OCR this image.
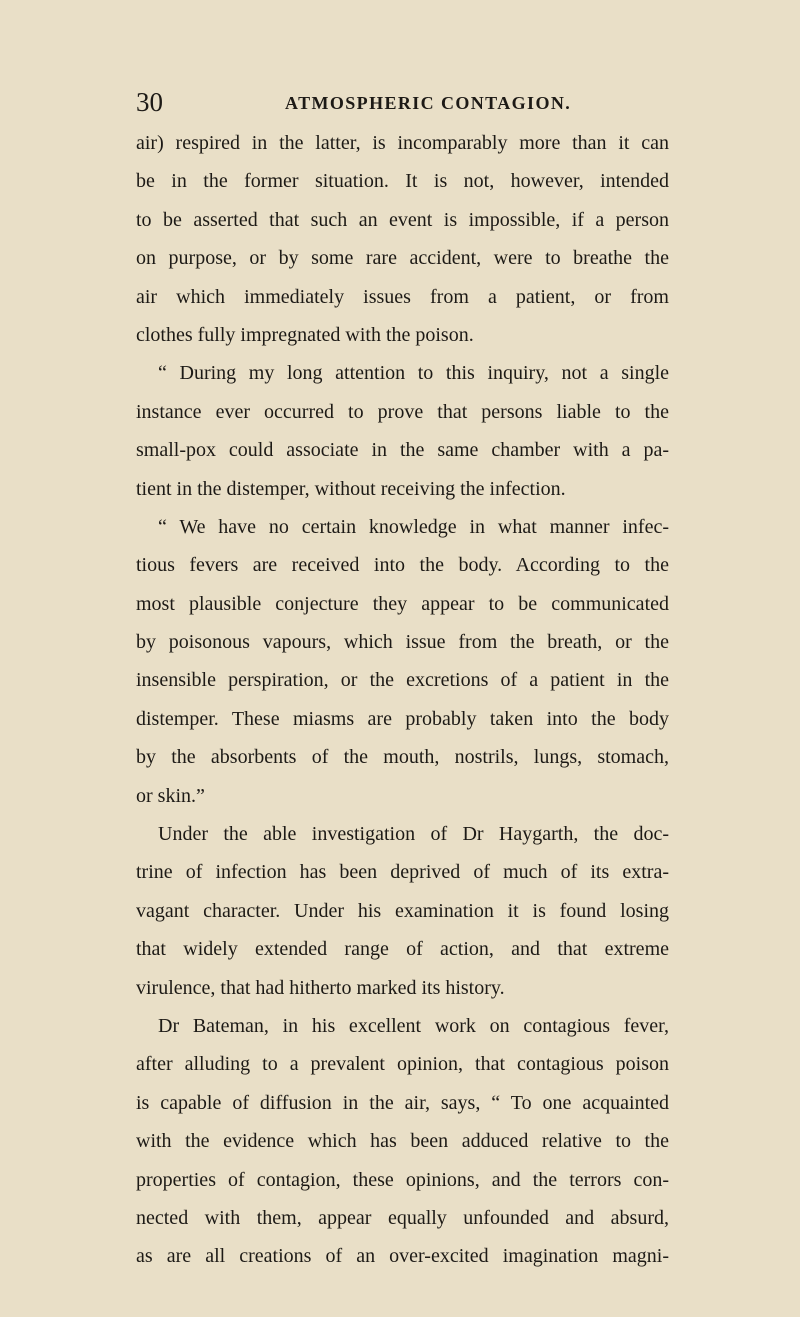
30	ATMOSPHERIC CONTAGION.
air) respired in the latter, is incomparably more than it can
be in the former situation. It is not, however, intended
to be asserted that such an event is impossible, if a person
on purpose, or by some rare accident, were to breathe the
air which immediately issues from a patient, or from
clothes fully impregnated with the poison.
“ During my long attention to this inquiry, not a single
instance ever occurred to prove that persons liable to the
small-pox could associate in the same chamber with a pa-
tient in the distemper, without receiving the infection.
“ We have no certain knowledge in what manner infec-
tious fevers are received into the body. According to the
most plausible conjecture they appear to be communicated
by poisonous vapours, which issue from the breath, or the
insensible perspiration, or the excretions of a patient in the
distemper. These miasms are probably taken into the body
by the absorbents of the mouth, nostrils, lungs, stomach,
or skin.”
Under the able investigation of Dr Haygarth, the doc-
trine of infection has been deprived of much of its extra-
vagant character. Under his examination it is found losing
that widely extended range of action, and that extreme
virulence, that had hitherto marked its history.
Dr Bateman, in his excellent work on contagious fever,
after alluding to a prevalent opinion, that contagious poison
is capable of diffusion in the air, says, “ To one acquainted
with the evidence which has been adduced relative to the
properties of contagion, these opinions, and the terrors con-
nected with them, appear equally unfounded and absurd,
as are all creations of an over-excited imagination magni-
